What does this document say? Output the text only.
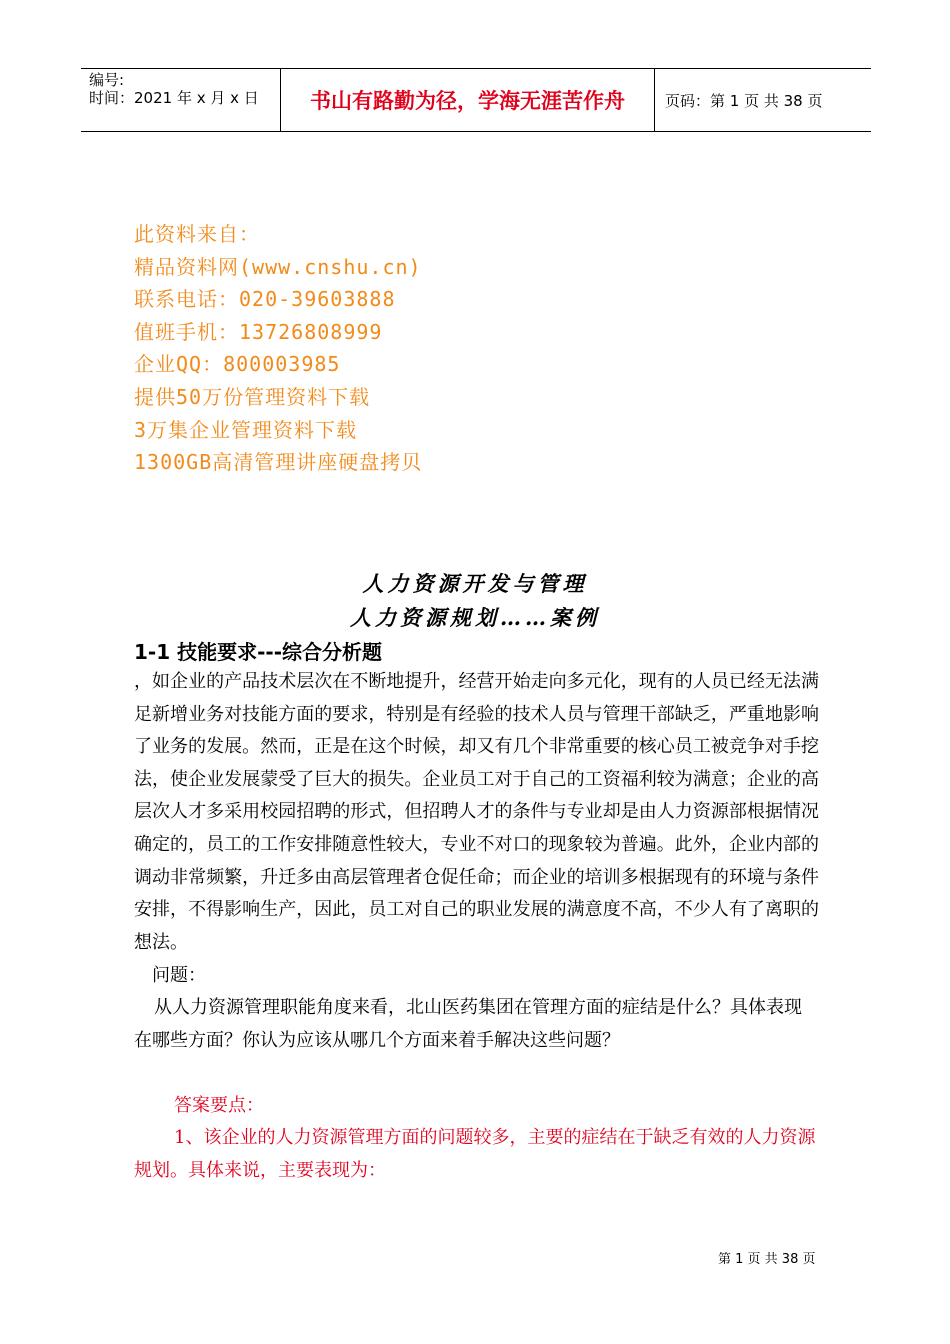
编号:
时间：2021 年 x 月 x 日	书山有路勤为径，学海无涯苦作舟	页码：第 1 页 共 38 页
此资料来自：
精品资料网(www.cnshu.cn)
联系电话：020-39603888
值班手机：13726808999
企业QQ：800003985
提供50万份管理资料下载
3万集企业管理资料下载
1300GB高清管理讲座硬盘拷贝
人力资源开发与管理
人力资源规划……案例
1-1 技能要求---综合分析题
，如企业的产品技术层次在不断地提升，经营开始走向多元化，现有的人员已经无法满足新增业务对技能方面的要求，特别是有经验的技术人员与管理干部缺乏，严重地影响了业务的发展。然而，正是在这个时候，却又有几个非常重要的核心员工被竞争对手挖法，使企业发展蒙受了巨大的损失。企业员工对于自己的工资福利较为满意；企业的高层次人才多采用校园招聘的形式，但招聘人才的条件与专业却是由人力资源部根据情况确定的，员工的工作安排随意性较大，专业不对口的现象较为普遍。此外，企业内部的调动非常频繁，升迁多由高层管理者仓促任命；而企业的培训多根据现有的环境与条件安排，不得影响生产，因此，员工对自己的职业发展的满意度不高，不少人有了离职的想法。
问题：
从人力资源管理职能角度来看，北山医药集团在管理方面的症结是什么？具体表现在哪些方面？你认为应该从哪几个方面来着手解决这些问题？
答案要点：
1、该企业的人力资源管理方面的问题较多，主要的症结在于缺乏有效的人力资源规划。具体来说，主要表现为：
第 1 页 共 38 页
